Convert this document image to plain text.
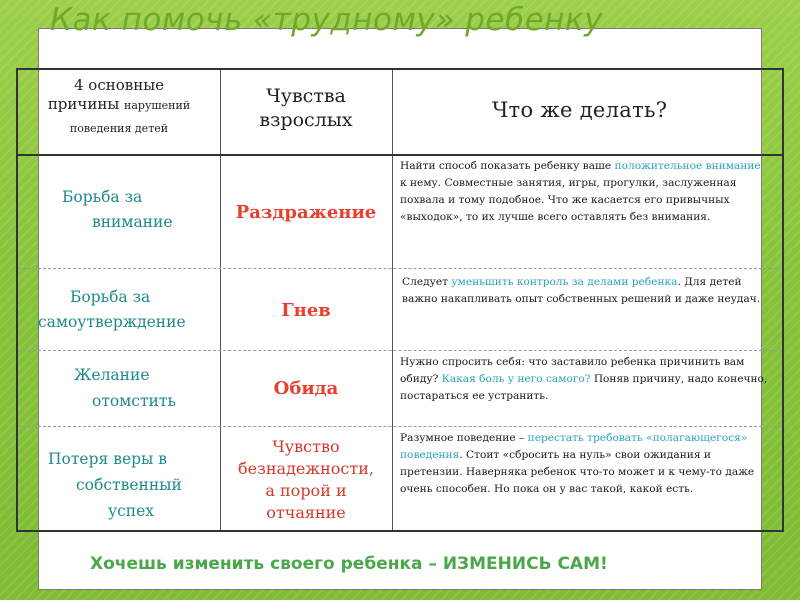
Как помочь «трудному» ребенку
4 основные
причины нарушений
поведения детей
Чувства
взрослых	Что же делать?
Борьба за
внимание	Раздражение
Найти способ показать ребенку ваше положительное внимание к нему. Совместные занятия, игры, прогулки, заслуженная похвала и тому подобное. Что же касается его привычных «выходок», то их лучше всего оставлять без внимания.
Борьба за
самоутверждение
Гнев
Следует уменьшить контроль за делами ребенка. Для детей важно накапливать опыт собственных решений и даже неудач.
Желание
отомстить
Обида
Нужно спросить себя: что заставило ребенка причинить вам обиду? Какая боль у него самого? Поняв причину, надо конечно, постараться ее устранить.
Потеря веры в
собственный
успех
Чувство
безнадежности,
а порой и
отчаяние
Разумное поведение – перестать требовать «полагающегося» поведения. Стоит «сбросить на нуль» свои ожидания и претензии. Наверняка ребенок что-то может и к чему-то даже очень способен. Но пока он у вас такой, какой есть.
Хочешь изменить своего ребенка – ИЗМЕНИСЬ САМ!
